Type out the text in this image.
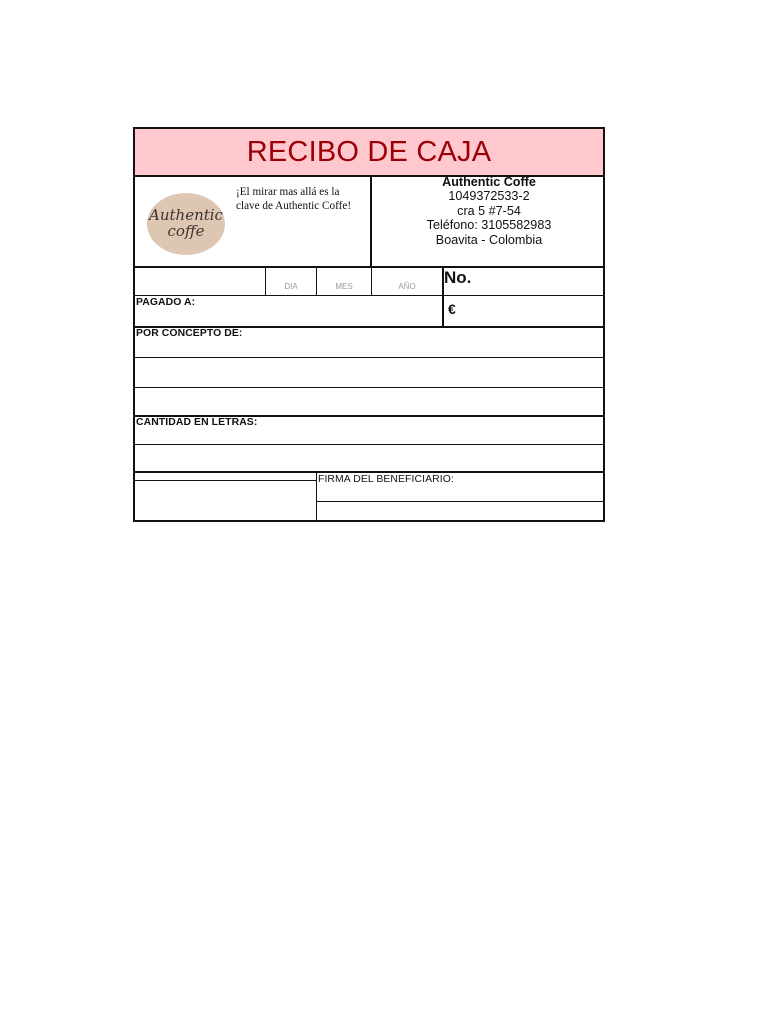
RECIBO DE CAJA
Authentic
coffe
¡El mirar mas allá es la clave de Authentic Coffe!
Authentic Coffe
1049372533-2
cra 5 #7-54
Teléfono: 3105582983
Boavita - Colombia
DIA	MES	AÑO	No.
PAGADO A:	€
POR CONCEPTO DE:
CANTIDAD EN LETRAS:
FIRMA DEL BENEFICIARIO:
